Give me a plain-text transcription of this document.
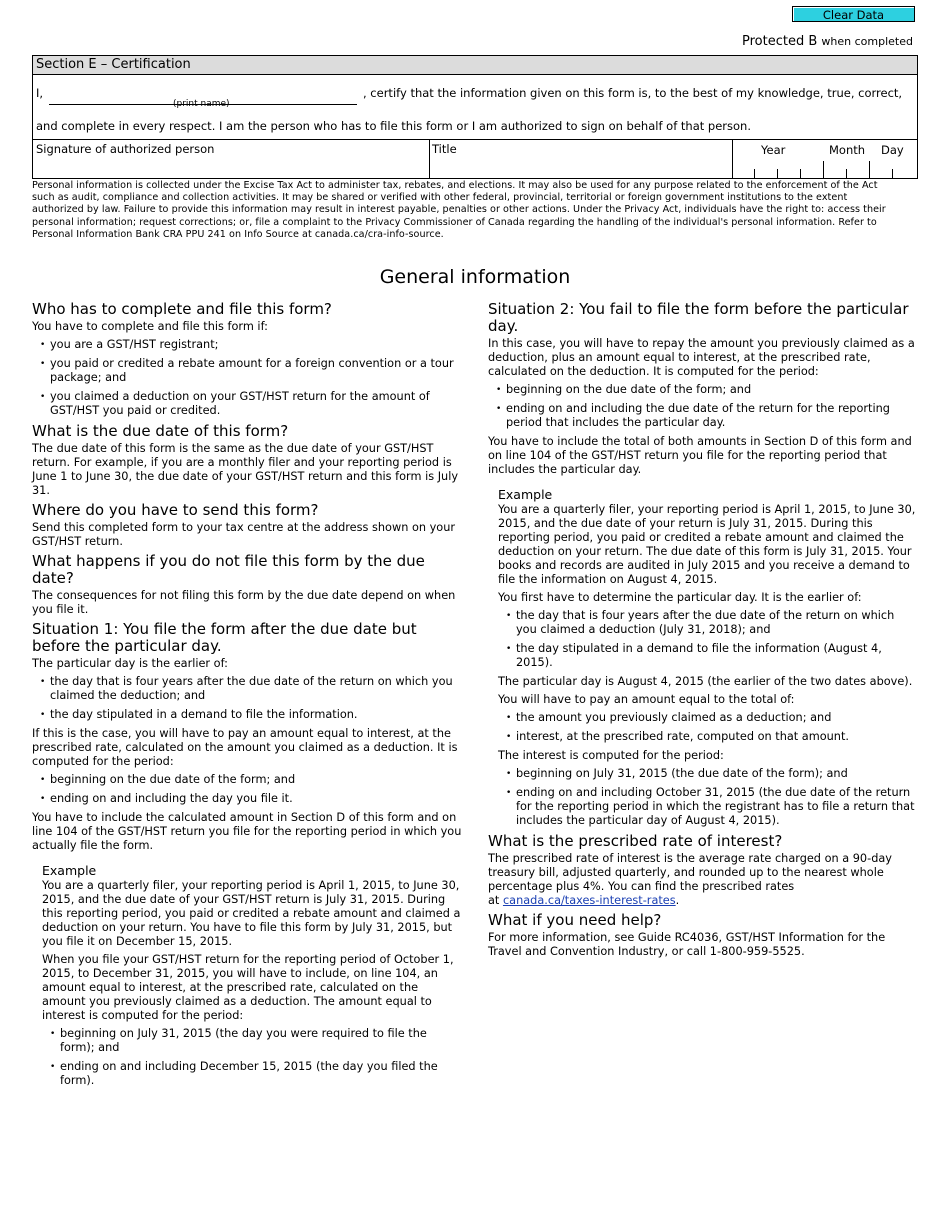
Clear Data
Protected B when completed
Section E – Certification
I,	, certify that the information given on this form is, to the best of my knowledge, true, correct,
(print name)
and complete in every respect. I am the person who has to file this form or I am authorized to sign on behalf of that person.
Signature of authorized person	Title	Year	Month Day

Personal information is collected under the Excise Tax Act to administer tax, rebates, and elections. It may also be used for any purpose related to the enforcement of the Act such as audit, compliance and collection activities. It may be shared or verified with other federal, provincial, territorial or foreign government institutions to the extent authorized by law. Failure to provide this information may result in interest payable, penalties or other actions. Under the Privacy Act, individuals have the right to: access their personal information; request corrections; or, file a complaint to the Privacy Commissioner of Canada regarding the handling of the individual's personal information. Refer to Personal Information Bank CRA PPU 241 on Info Source at canada.ca/cra-info-source.

General information
Who has to complete and file this form?

You have to complete and file this form if:

• you are a GST/HST registrant;
• you paid or credited a rebate amount for a foreign convention or a tour package; and
• you claimed a deduction on your GST/HST return for the amount of GST/HST you paid or credited.
What is the due date of this form?

The due date of this form is the same as the due date of your GST/HST return. For example, if you are a monthly filer and your reporting period is June 1 to June 30, the due date of your GST/HST return and this form is July 31.

Where do you have to send this form?

Send this completed form to your tax centre at the address shown on your GST/HST return.

What happens if you do not file this form by the due date?

The consequences for not filing this form by the due date depend on when you file it.

Situation 1: You file the form after the due date but before the particular day.

The particular day is the earlier of:

• the day that is four years after the due date of the return on which you claimed the deduction; and
• the day stipulated in a demand to file the information.

If this is the case, you will have to pay an amount equal to interest, at the prescribed rate, calculated on the amount you claimed as a deduction. It is computed for the period:

• beginning on the due date of the form; and
• ending on and including the day you file it.

You have to include the calculated amount in Section D of this form and on line 104 of the GST/HST return you file for the reporting period in which you actually file the form.

Example

You are a quarterly filer, your reporting period is April 1, 2015, to June 30, 2015, and the due date of your GST/HST return is July 31, 2015. During this reporting period, you paid or credited a rebate amount and claimed a deduction on your return. You have to file this form by July 31, 2015, but you file it on December 15, 2015.

When you file your GST/HST return for the reporting period of October 1, 2015, to December 31, 2015, you will have to include, on line 104, an amount equal to interest, at the prescribed rate, calculated on the amount you previously claimed as a deduction. The amount equal to interest is computed for the period:

• beginning on July 31, 2015 (the day you were required to file the form); and
• ending on and including December 15, 2015 (the day you filed the form).
Situation 2: You fail to file the form before the particular day.

In this case, you will have to repay the amount you previously claimed as a deduction, plus an amount equal to interest, at the prescribed rate, calculated on the deduction. It is computed for the period:

• beginning on the due date of the form; and
• ending on and including the due date of the return for the reporting period that includes the particular day.

You have to include the total of both amounts in Section D of this form and on line 104 of the GST/HST return you file for the reporting period that includes the particular day.

Example

You are a quarterly filer, your reporting period is April 1, 2015, to June 30, 2015, and the due date of your return is July 31, 2015. During this reporting period, you paid or credited a rebate amount and claimed the deduction on your return. The due date of this form is July 31, 2015. Your books and records are audited in July 2015 and you receive a demand to file the information on August 4, 2015.

You first have to determine the particular day. It is the earlier of:

• the day that is four years after the due date of the return on which you claimed a deduction (July 31, 2018); and
• the day stipulated in a demand to file the information (August 4, 2015).

The particular day is August 4, 2015 (the earlier of the two dates above).

You will have to pay an amount equal to the total of:

• the amount you previously claimed as a deduction; and
• interest, at the prescribed rate, computed on that amount.

The interest is computed for the period:

• beginning on July 31, 2015 (the due date of the form); and
• ending on and including October 31, 2015 (the due date of the return for the reporting period in which the registrant has to file a return that includes the particular day of August 4, 2015).
What is the prescribed rate of interest?

The prescribed rate of interest is the average rate charged on a 90-day treasury bill, adjusted quarterly, and rounded up to the nearest whole percentage plus 4%. You can find the prescribed rates
at canada.ca/taxes-interest-rates.

What if you need help?

For more information, see Guide RC4036, GST/HST Information for the Travel and Convention Industry, or call 1-800-959-5525.
